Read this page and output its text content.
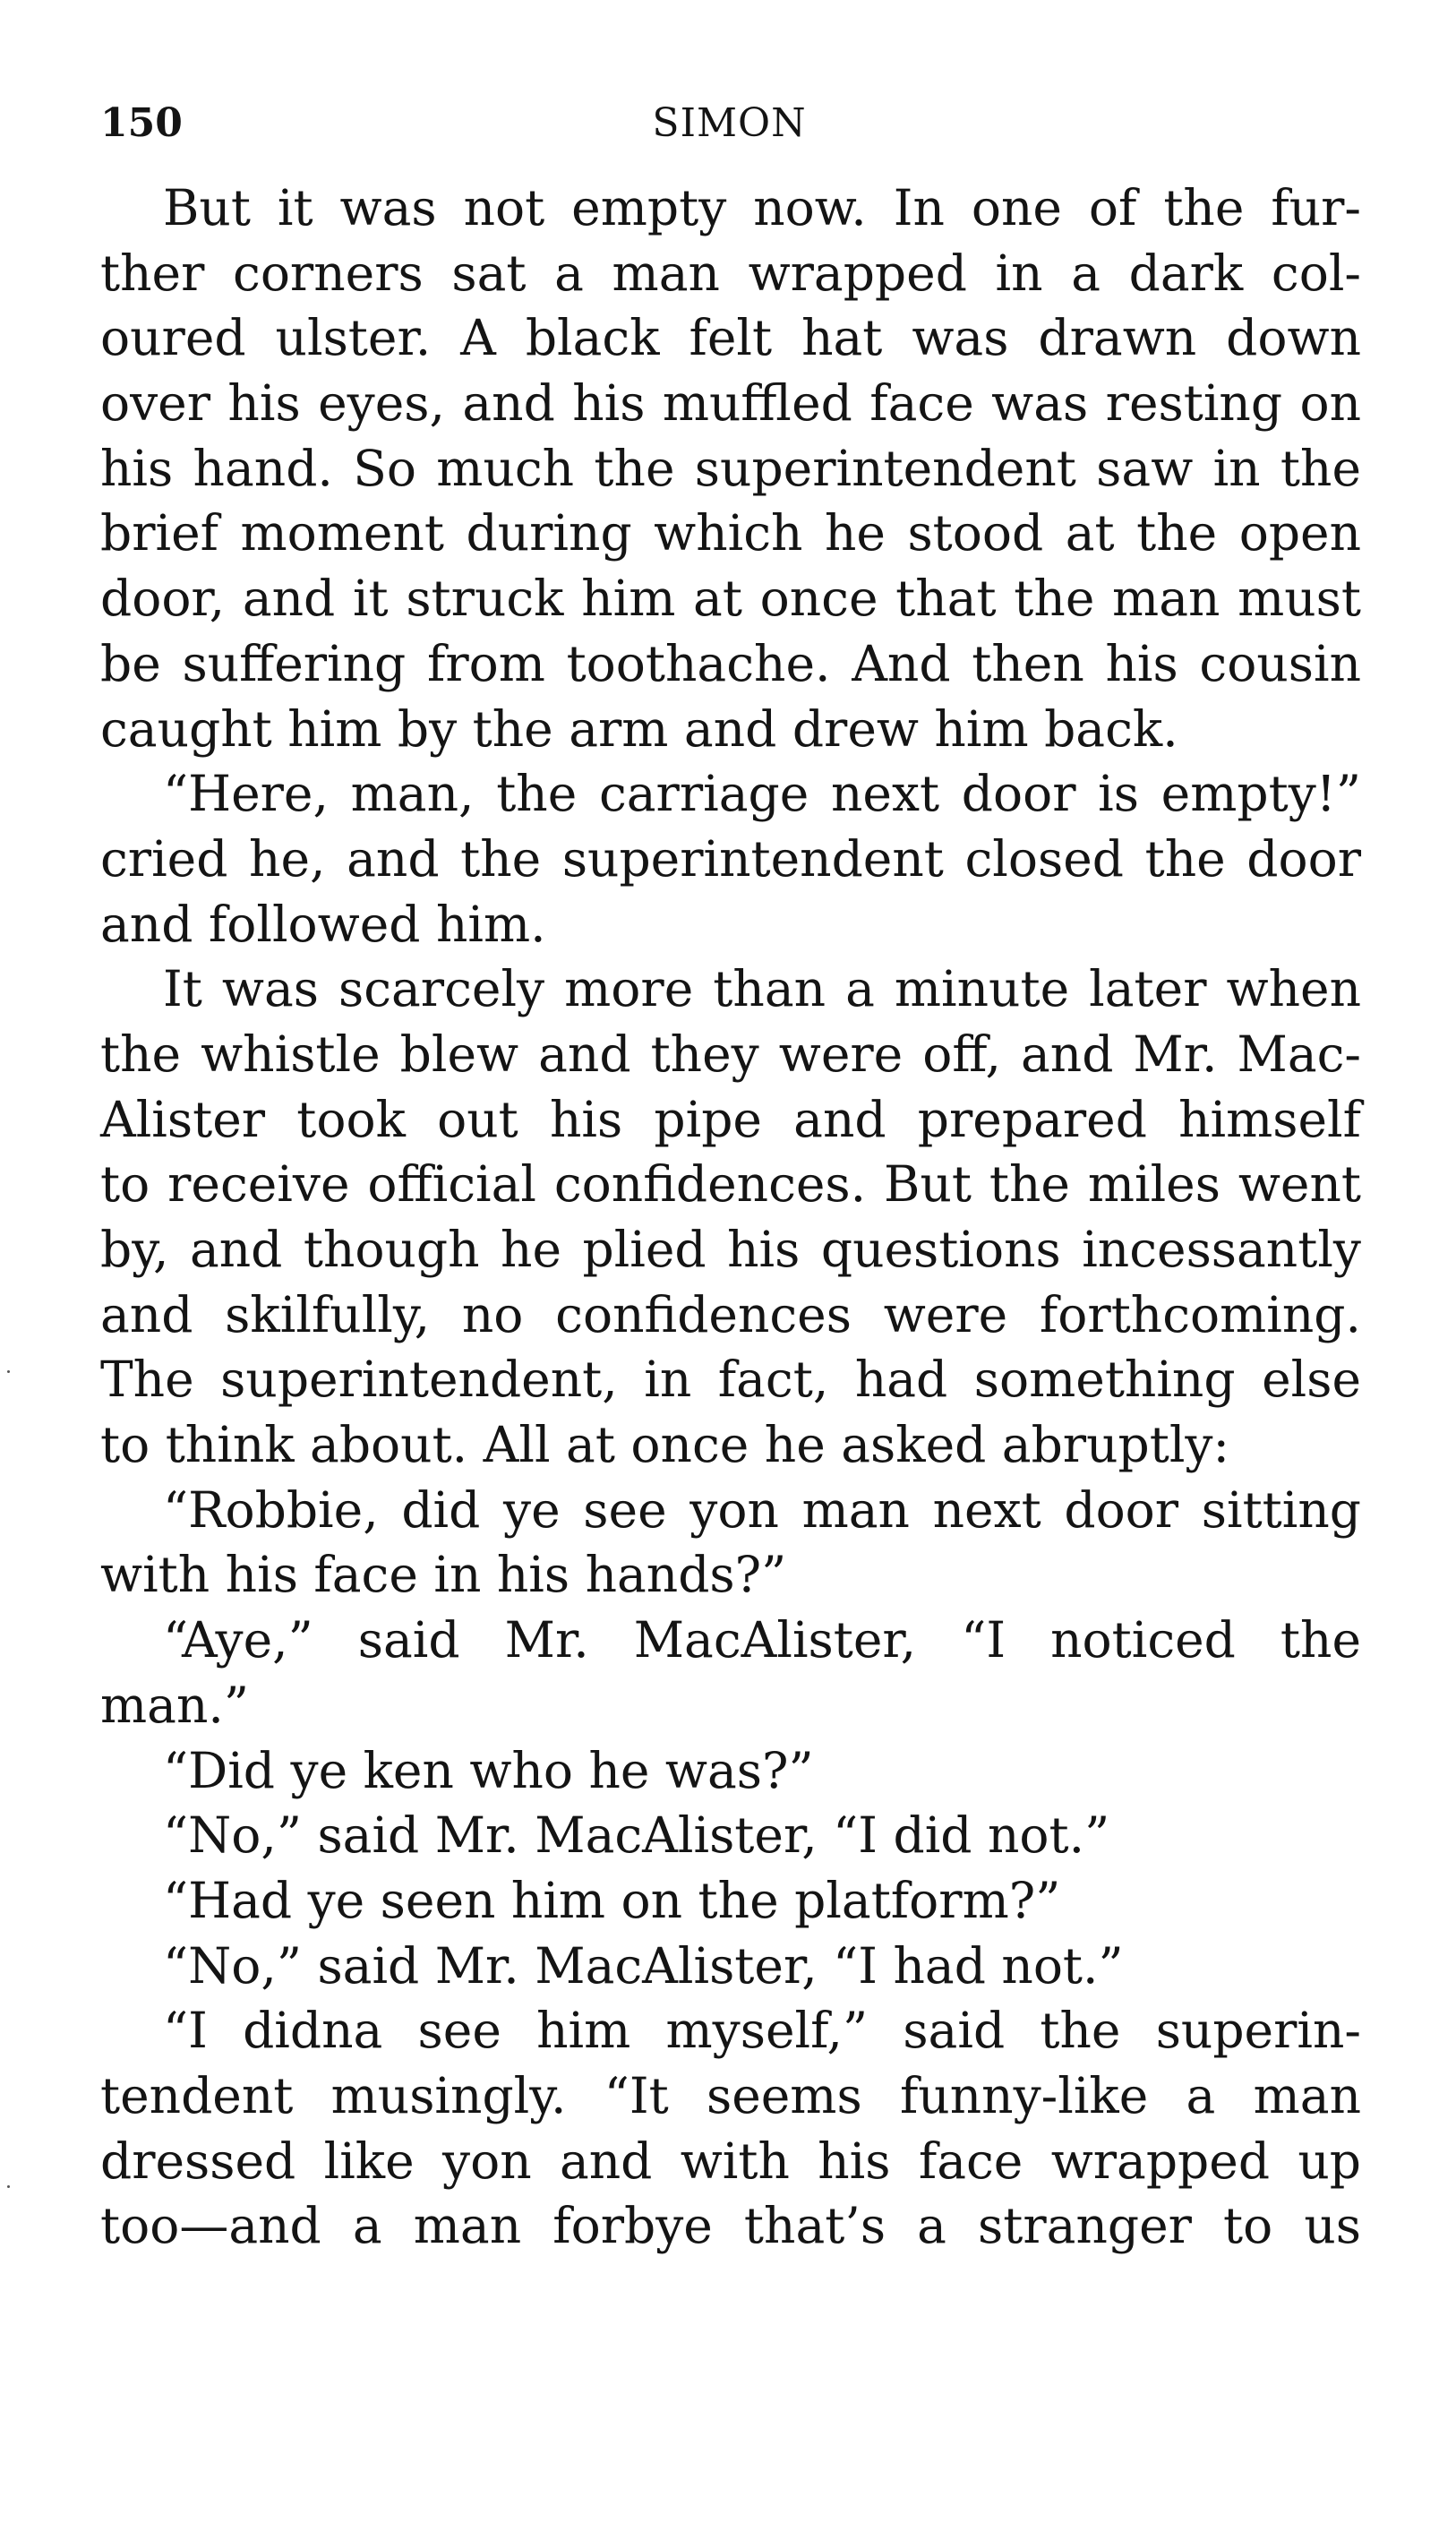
150	SIMON
But it was not empty now. In one of the fur-
ther corners sat a man wrapped in a dark col-
oured ulster. A black felt hat was drawn down
over his eyes, and his muffled face was resting on
his hand. So much the superintendent saw in the
brief moment during which he stood at the open
door, and it struck him at once that the man must
be suffering from toothache. And then his cousin
caught him by the arm and drew him back.
“Here, man, the carriage next door is empty!”
cried he, and the superintendent closed the door
and followed him.
It was scarcely more than a minute later when
the whistle blew and they were off, and Mr. Mac-
Alister took out his pipe and prepared himself
to receive official confidences. But the miles went
by, and though he plied his questions incessantly
and skilfully, no confidences were forthcoming.
The superintendent, in fact, had something else
to think about. All at once he asked abruptly:
“Robbie, did ye see yon man next door sitting
with his face in his hands?”
“Aye,” said Mr. MacAlister, “I noticed the
man.”
“Did ye ken who he was?”
“No,” said Mr. MacAlister, “I did not.”
“Had ye seen him on the platform?”
“No,” said Mr. MacAlister, “I had not.”
“I didna see him myself,” said the superin-
tendent musingly. “It seems funny-like a man
dressed like yon and with his face wrapped up
too—and a man forbye that’s a stranger to us
